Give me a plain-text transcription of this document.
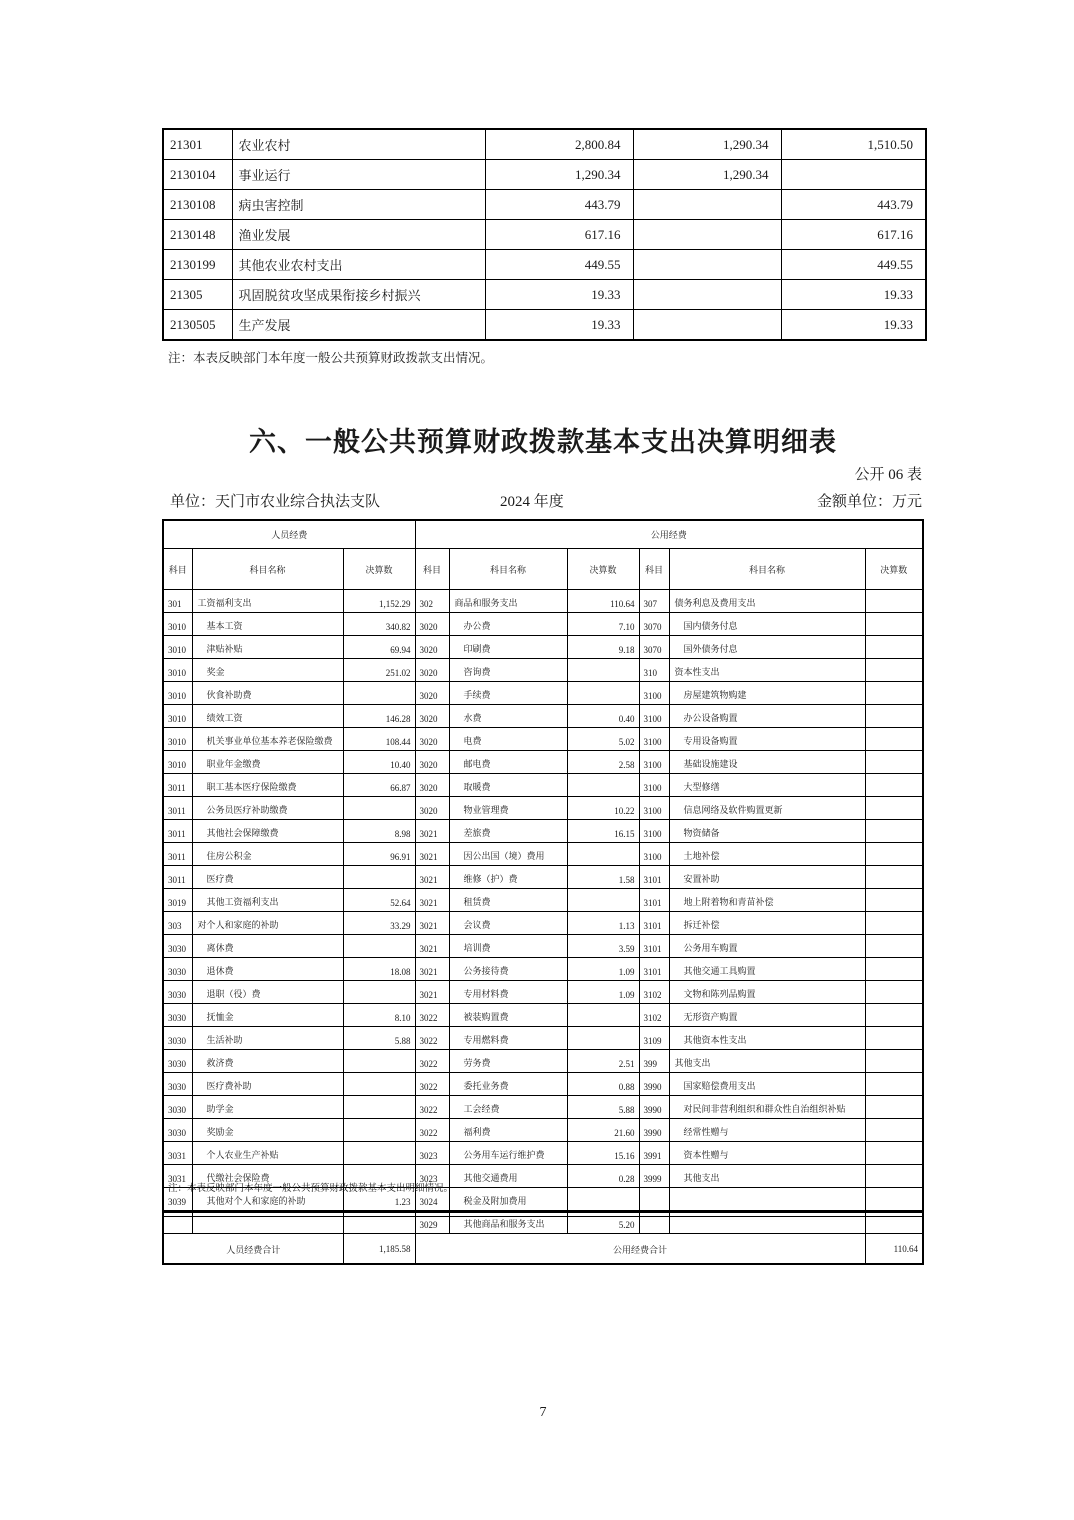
21301	农业农村	2,800.84	1,290.34	1,510.50
2130104	事业运行	1,290.34	1,290.34	
2130108	病虫害控制	443.79		443.79
2130148	渔业发展	617.16		617.16
2130199	其他农业农村支出	449.55		449.55
21305	巩固脱贫攻坚成果衔接乡村振兴	19.33		19.33
2130505	生产发展	19.33		19.33
注：本表反映部门本年度一般公共预算财政拨款支出情况。
六、一般公共预算财政拨款基本支出决算明细表
公开 06 表
单位：天门市农业综合执法支队	2024 年度	金额单位：万元
人员经费			公用经费					
科目	科目名称	决算数	科目	科目名称	决算数	科目	科目名称	决算数
301	工资福利支出	1,152.29	302	商品和服务支出	110.64	307	债务利息及费用支出	
3010	基本工资	340.82	3020	办公费	7.10	3070	国内债务付息	
3010	津贴补贴	69.94	3020	印刷费	9.18	3070	国外债务付息	
3010	奖金	251.02	3020	咨询费		310	资本性支出	
3010	伙食补助费		3020	手续费		3100	房屋建筑物购建	
3010	绩效工资	146.28	3020	水费	0.40	3100	办公设备购置	
3010	机关事业单位基本养老保险缴费	108.44	3020	电费	5.02	3100	专用设备购置	
3010	职业年金缴费	10.40	3020	邮电费	2.58	3100	基础设施建设	
3011	职工基本医疗保险缴费	66.87	3020	取暖费		3100	大型修缮	
3011	公务员医疗补助缴费		3020	物业管理费	10.22	3100	信息网络及软件购置更新	
3011	其他社会保障缴费	8.98	3021	差旅费	16.15	3100	物资储备	
3011	住房公积金	96.91	3021	因公出国（境）费用		3100	土地补偿	
3011	医疗费		3021	维修（护）费	1.58	3101	安置补助	
3019	其他工资福利支出	52.64	3021	租赁费		3101	地上附着物和青苗补偿	
303	对个人和家庭的补助	33.29	3021	会议费	1.13	3101	拆迁补偿	
3030	离休费		3021	培训费	3.59	3101	公务用车购置	
3030	退休费	18.08	3021	公务接待费	1.09	3101	其他交通工具购置	
3030	退职（役）费		3021	专用材料费	1.09	3102	文物和陈列品购置	
3030	抚恤金	8.10	3022	被装购置费		3102	无形资产购置	
3030	生活补助	5.88	3022	专用燃料费		3109	其他资本性支出	
3030	救济费		3022	劳务费	2.51	399	其他支出	
3030	医疗费补助		3022	委托业务费	0.88	3990	国家赔偿费用支出	
3030	助学金		3022	工会经费	5.88	3990	对民间非营利组织和群众性自治组织补贴	
3030	奖励金		3022	福利费	21.60	3990	经常性赠与	
3031	个人农业生产补贴		3023	公务用车运行维护费	15.16	3991	资本性赠与	
3031	代缴社会保险费		3023	其他交通费用	0.28	3999	其他支出	
3039	其他对个人和家庭的补助	1.23	3024	税金及附加费用				
			3029	其他商品和服务支出	5.20			
人员经费合计		1,185.58	公用经费合计					110.64
注：本表反映部门本年度一般公共预算财政拨款基本支出明细情况。
7
